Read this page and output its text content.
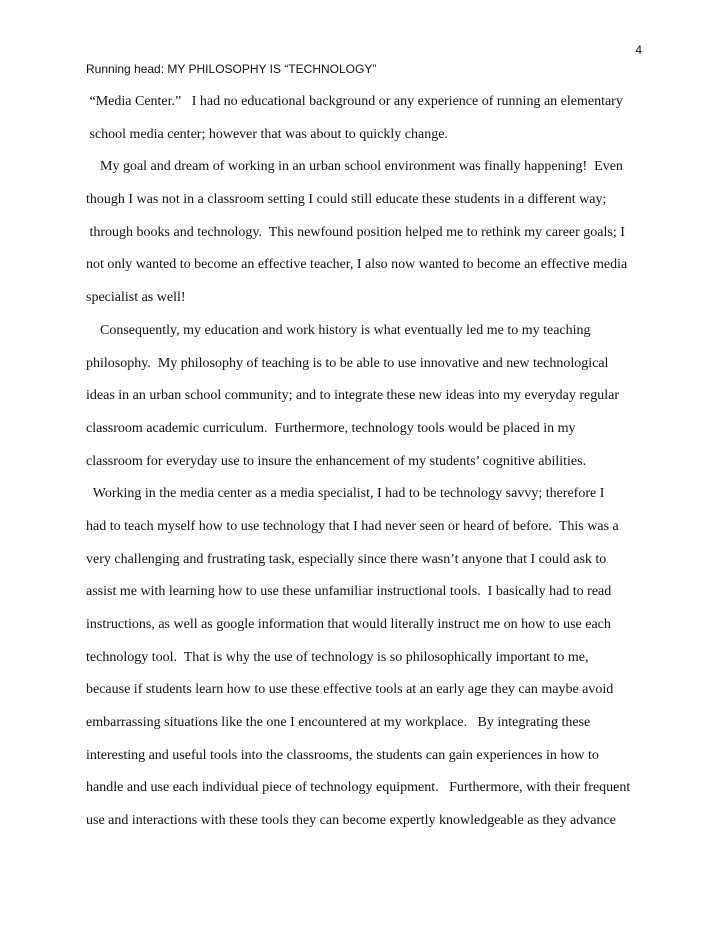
4
Running head: MY PHILOSOPHY IS “TECHNOLOGY”
“Media Center.”   I had no educational background or any experience of running an elementary
school media center; however that was about to quickly change.
My goal and dream of working in an urban school environment was finally happening!  Even
though I was not in a classroom setting I could still educate these students in a different way;
through books and technology.  This newfound position helped me to rethink my career goals; I
not only wanted to become an effective teacher, I also now wanted to become an effective media
specialist as well!
Consequently, my education and work history is what eventually led me to my teaching
philosophy.  My philosophy of teaching is to be able to use innovative and new technological
ideas in an urban school community; and to integrate these new ideas into my everyday regular
classroom academic curriculum.  Furthermore, technology tools would be placed in my
classroom for everyday use to insure the enhancement of my students’ cognitive abilities.
Working in the media center as a media specialist, I had to be technology savvy; therefore I
had to teach myself how to use technology that I had never seen or heard of before.  This was a
very challenging and frustrating task, especially since there wasn’t anyone that I could ask to
assist me with learning how to use these unfamiliar instructional tools.  I basically had to read
instructions, as well as google information that would literally instruct me on how to use each
technology tool.  That is why the use of technology is so philosophically important to me,
because if students learn how to use these effective tools at an early age they can maybe avoid
embarrassing situations like the one I encountered at my workplace.   By integrating these
interesting and useful tools into the classrooms, the students can gain experiences in how to
handle and use each individual piece of technology equipment.   Furthermore, with their frequent
use and interactions with these tools they can become expertly knowledgeable as they advance
